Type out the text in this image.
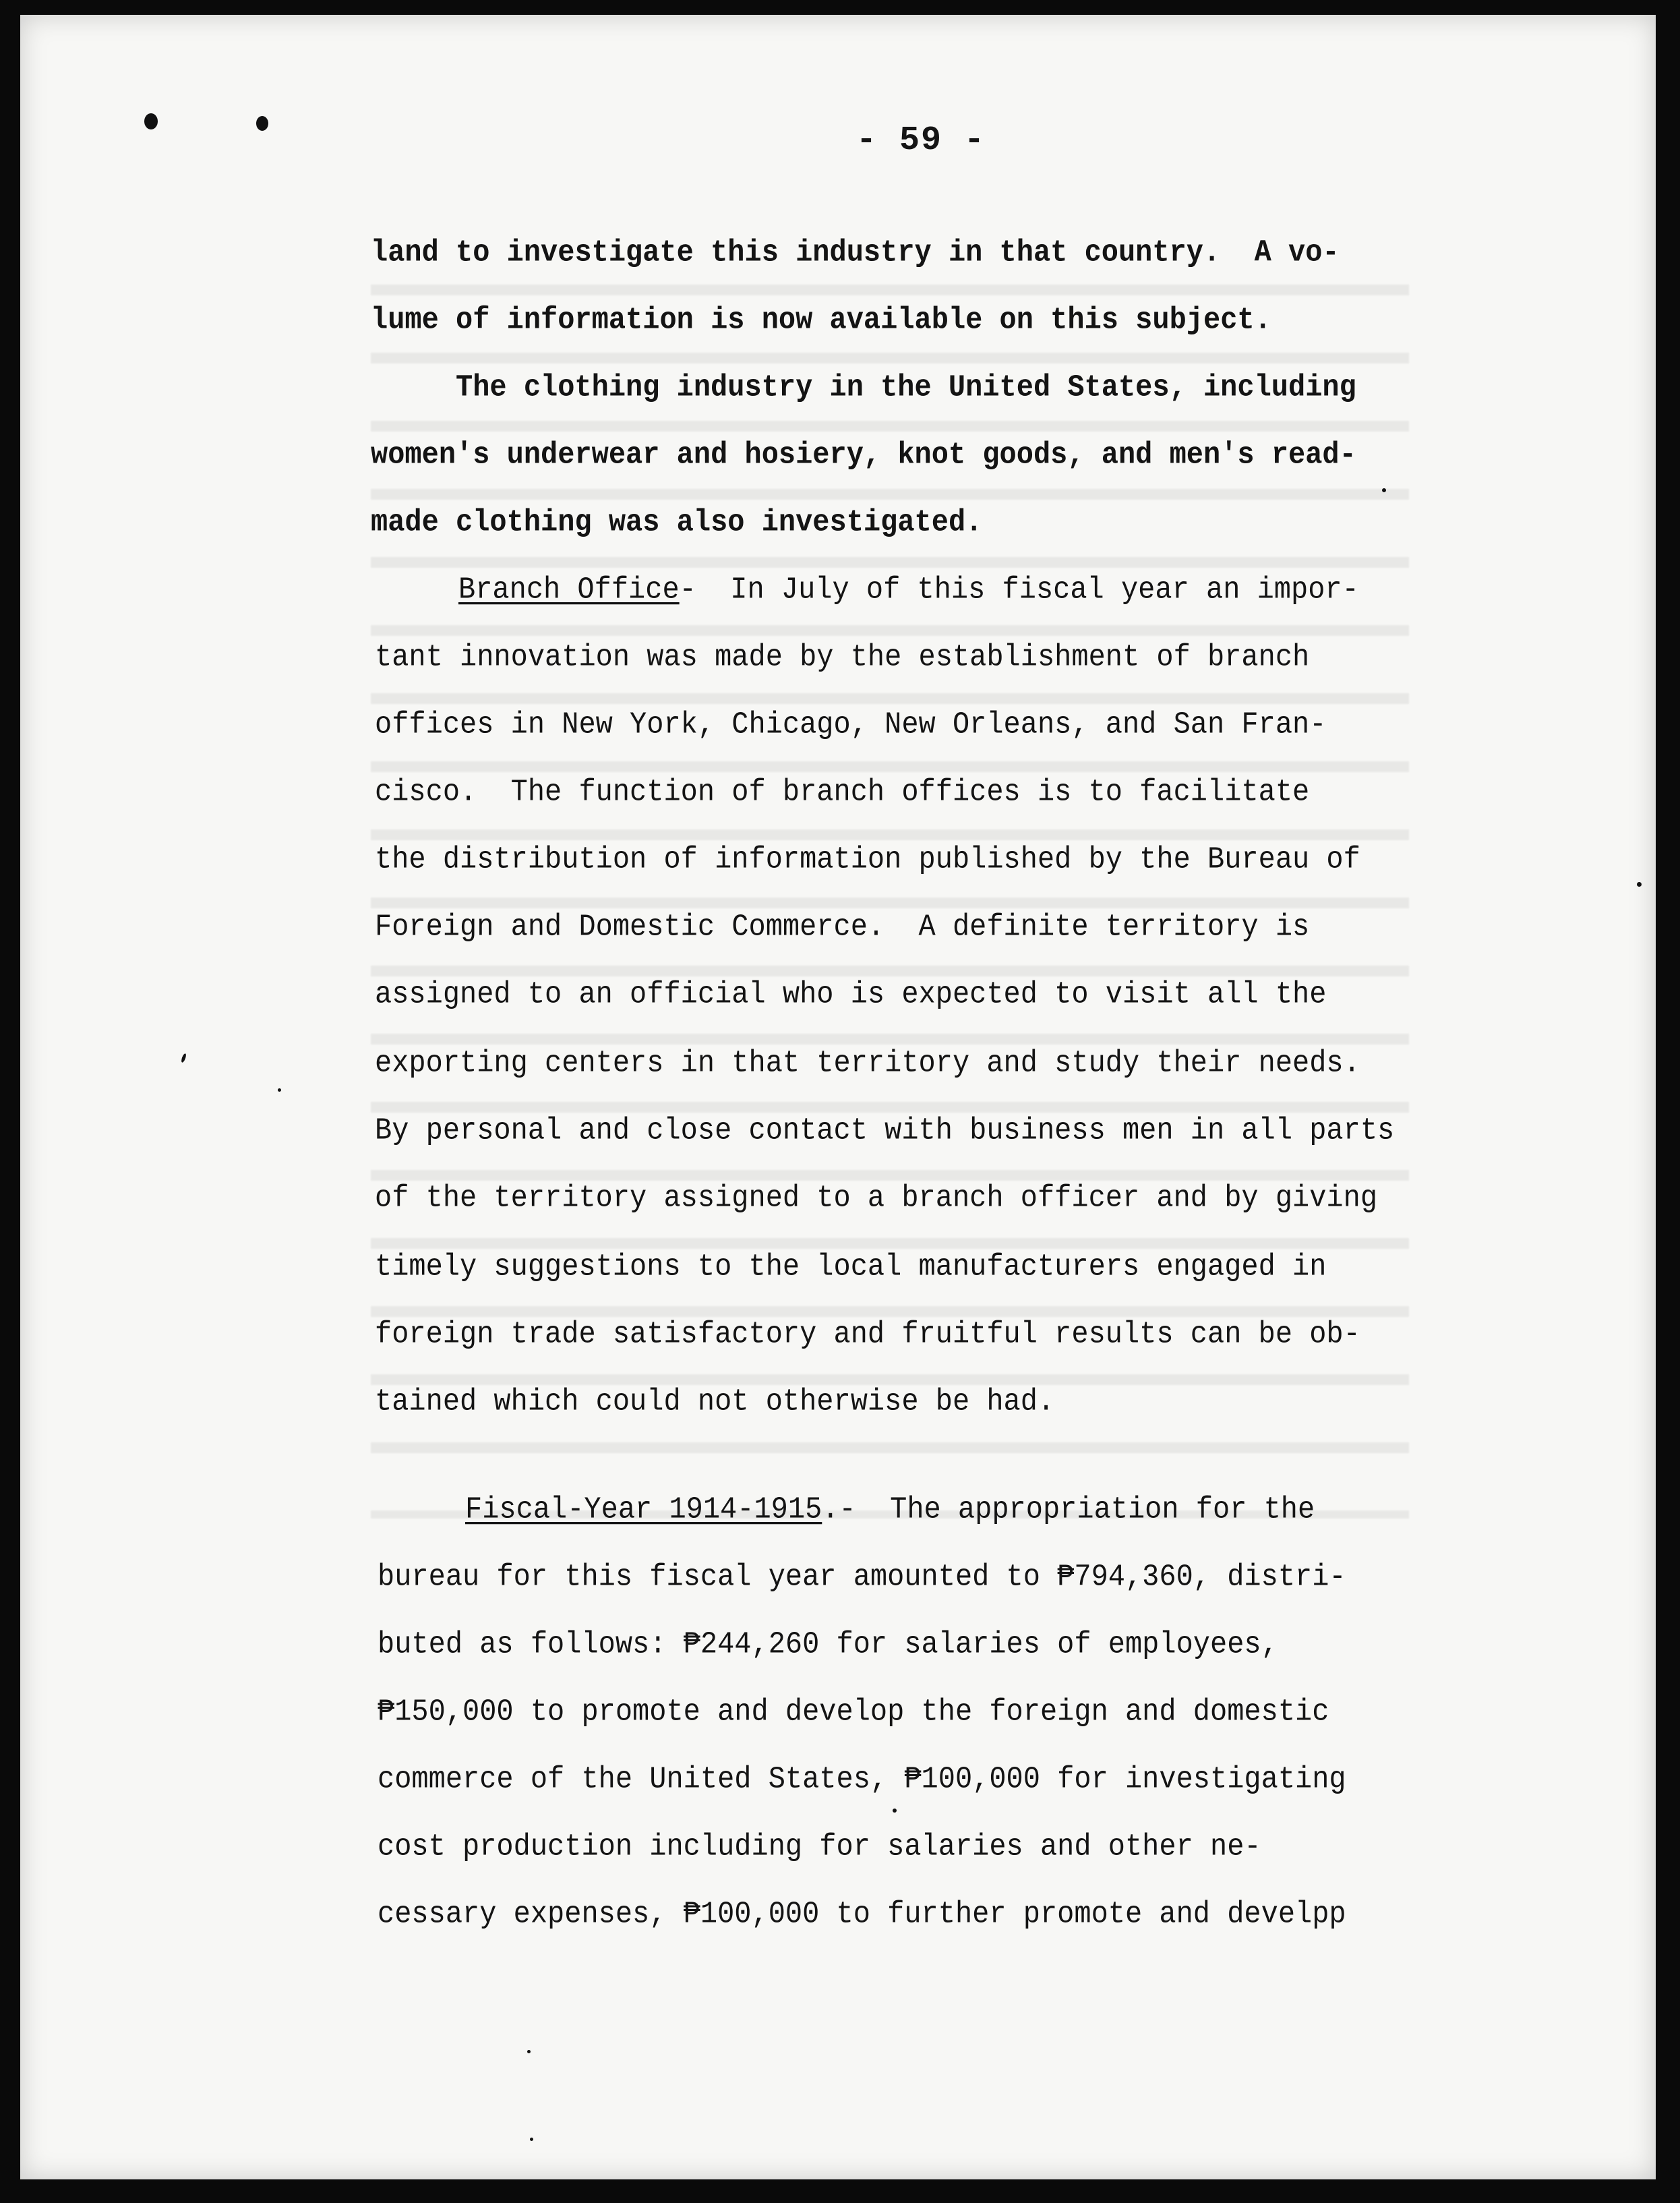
- 59 -
land to investigate this industry in that country.  A vo-
lume of information is now available on this subject.
The clothing industry in the United States, including
women's underwear and hosiery, knot goods, and men's read-
made clothing was also investigated.
Branch Office-  In July of this fiscal year an impor-
tant innovation was made by the establishment of branch
offices in New York, Chicago, New Orleans, and San Fran-
cisco.  The function of branch offices is to facilitate
the distribution of information published by the Bureau of
Foreign and Domestic Commerce.  A definite territory is
assigned to an official who is expected to visit all the
exporting centers in that territory and study their needs.
By personal and close contact with business men in all parts
of the territory assigned to a branch officer and by giving
timely suggestions to the local manufacturers engaged in
foreign trade satisfactory and fruitful results can be ob-
tained which could not otherwise be had.
Fiscal-Year 1914-1915.-  The appropriation for the
bureau for this fiscal year amounted to ₱794,360, distri-
buted as follows: ₱244,260 for salaries of employees,
₱150,000 to promote and develop the foreign and domestic
commerce of the United States, ₱100,000 for investigating
cost production including for salaries and other ne-
cessary expenses, ₱100,000 to further promote and develpp
